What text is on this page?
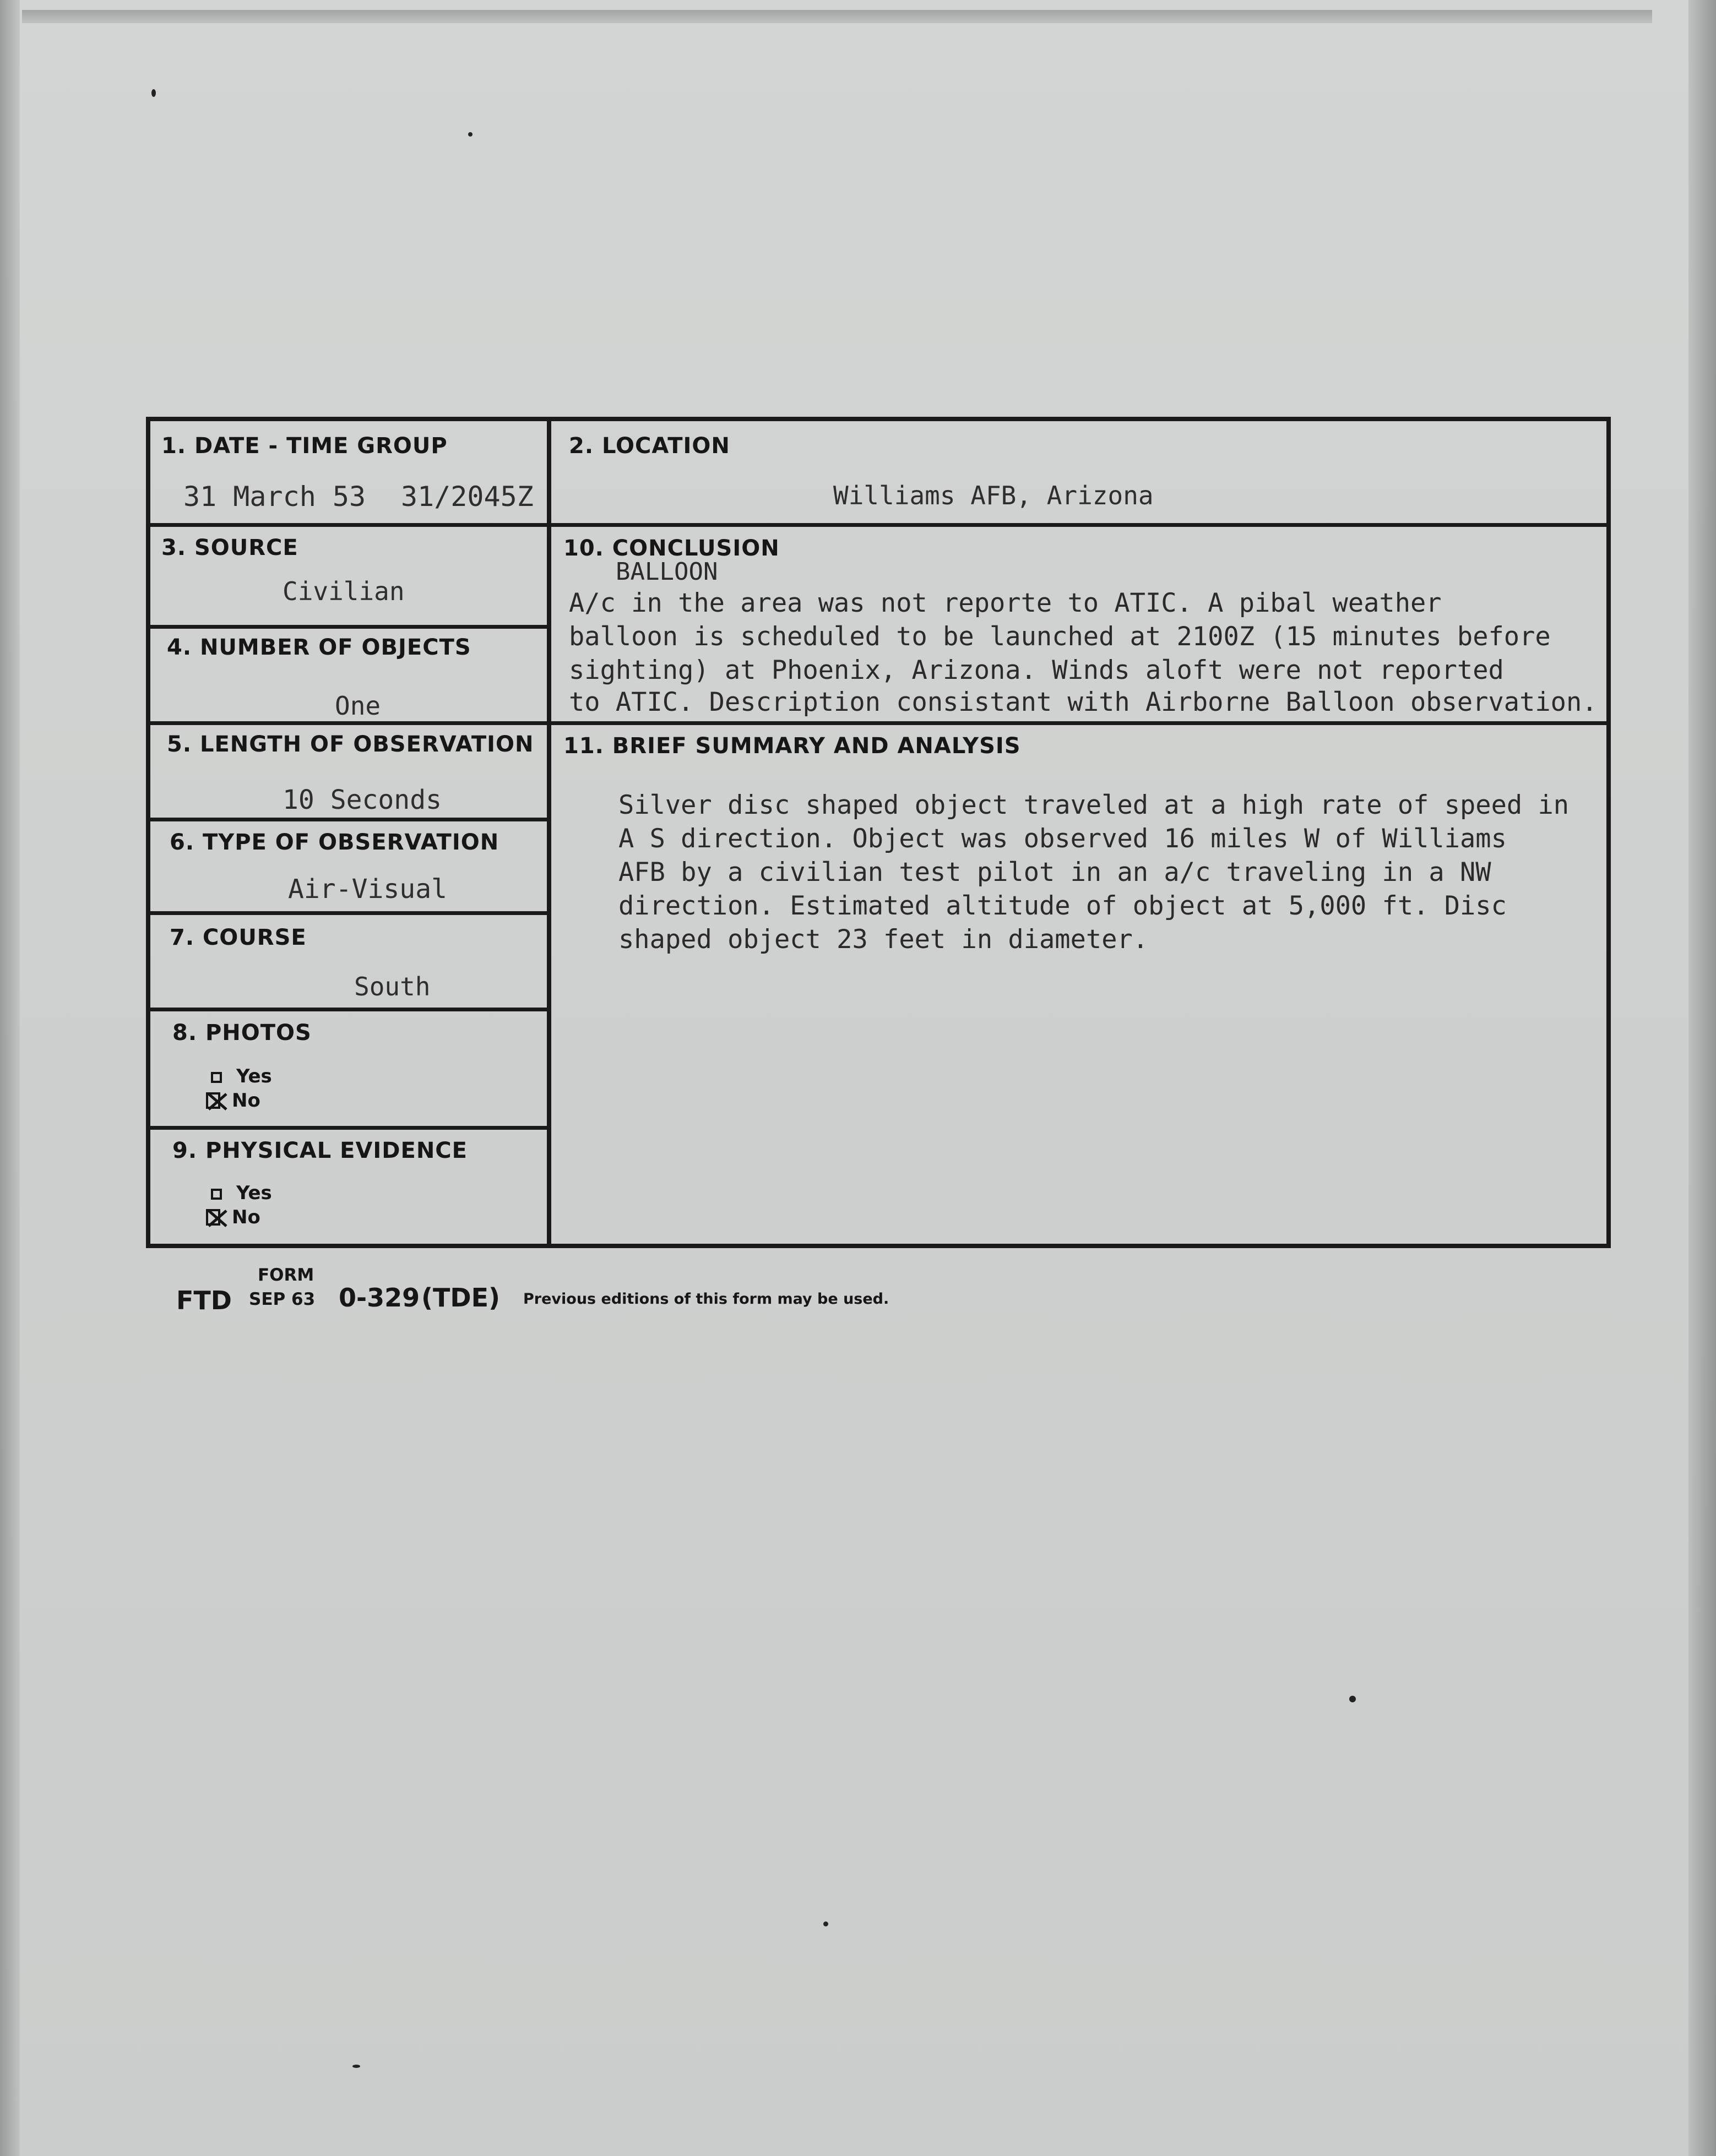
1. DATE - TIME GROUP
31 March 53 31/2045Z
2. LOCATION
Williams AFB, Arizona
3. SOURCE
Civilian
4. NUMBER OF OBJECTS
One
5. LENGTH OF OBSERVATION
10 Seconds
6. TYPE OF OBSERVATION
Air-Visual
7. COURSE
South
8. PHOTOS
Yes
No
9. PHYSICAL EVIDENCE
Yes
No
10. CONCLUSION
BALLOON
A/c in the area was not reporte to ATIC. A pibal weather
balloon is scheduled to be launched at 2100Z (15 minutes before
sighting) at Phoenix, Arizona. Winds aloft were not reported
to ATIC. Description consistant with Airborne Balloon observation.
11. BRIEF SUMMARY AND ANALYSIS
Silver disc shaped object traveled at a high rate of speed in
A S direction. Object was observed 16 miles W of Williams
AFB by a civilian test pilot in an a/c traveling in a NW
direction. Estimated altitude of object at 5,000 ft. Disc
shaped object 23 feet in diameter.
FTD
FORM
SEP 63 0-329 (TDE) Previous editions of this form may be used.
